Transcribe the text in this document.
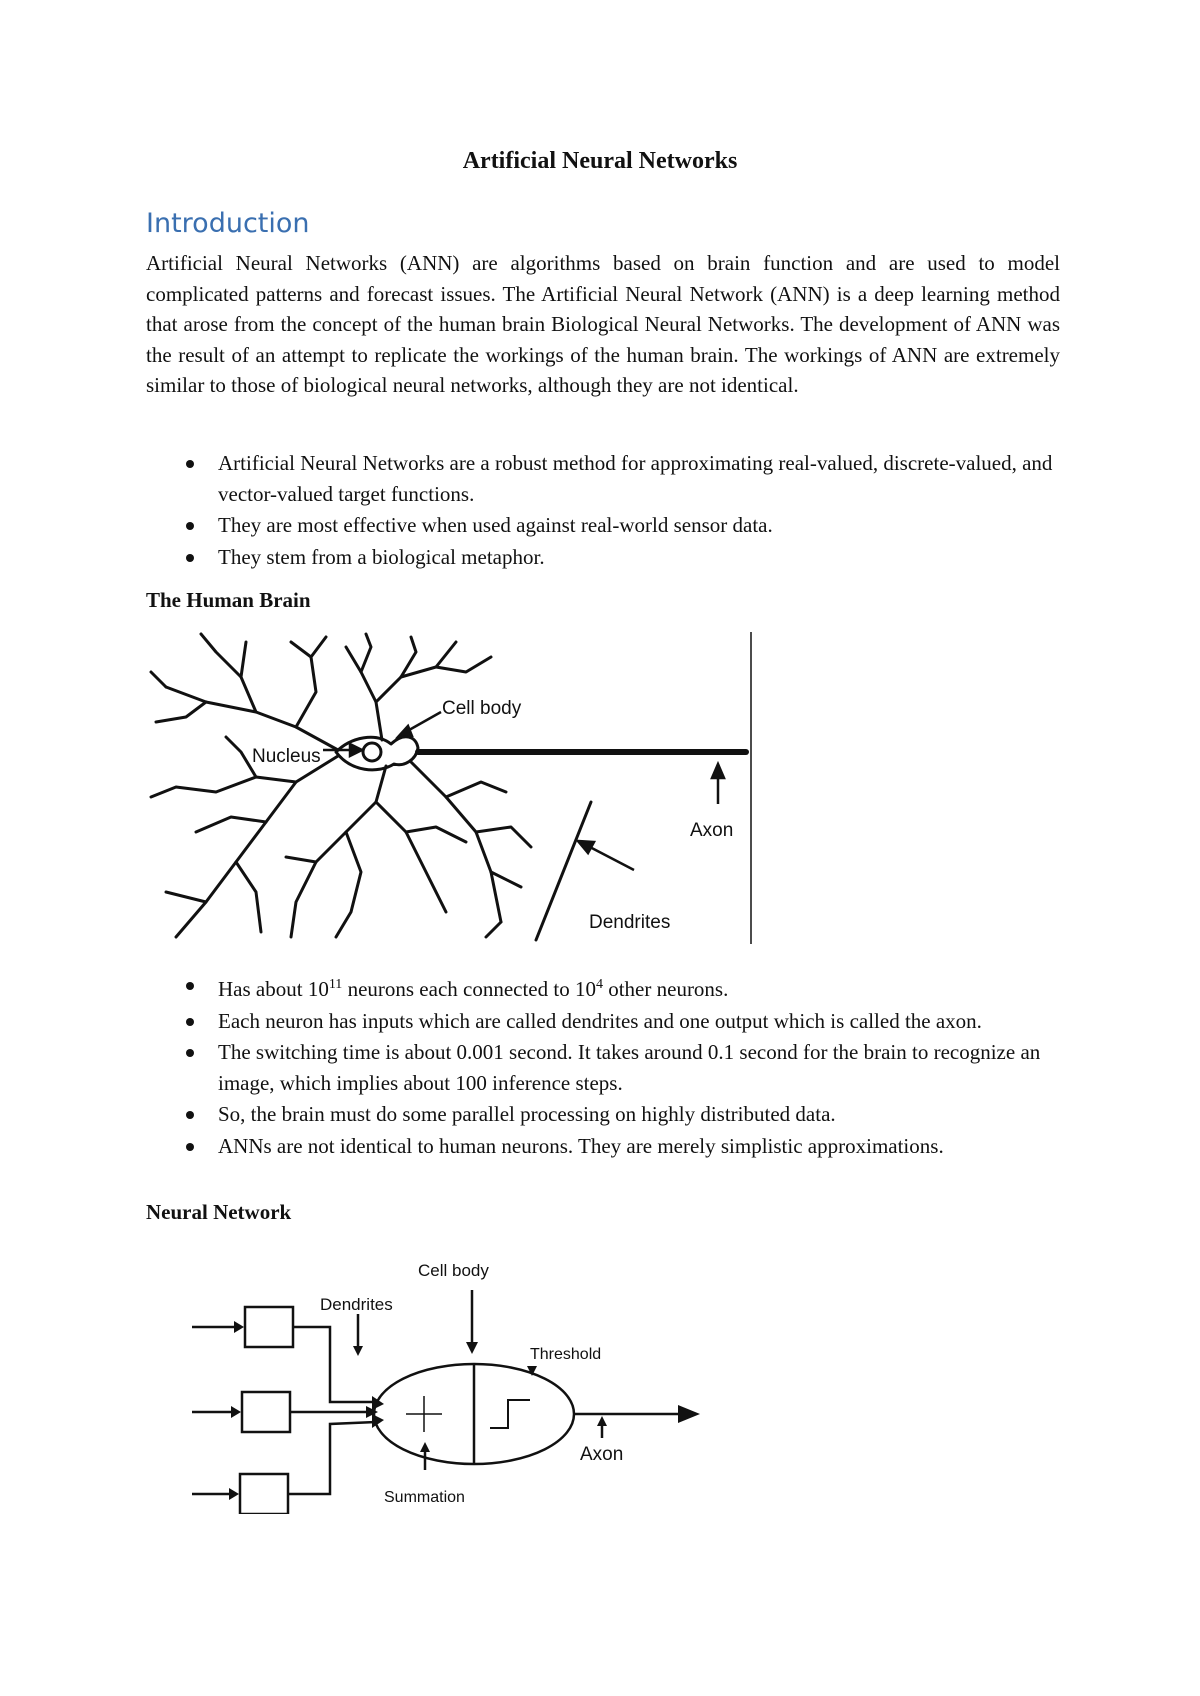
Artificial Neural Networks
Introduction

Artificial Neural Networks (ANN) are algorithms based on brain function and are used to model complicated patterns and forecast issues. The Artificial Neural Network (ANN) is a deep learning method that arose from the concept of the human brain Biological Neural Networks. The development of ANN was the result of an attempt to replicate the workings of the human brain. The workings of ANN are extremely similar to those of biological neural networks, although they are not identical.

Artificial Neural Networks are a robust method for approximating real-valued, discrete-valued, and vector-valued target functions.
They are most effective when used against real-world sensor data.
They stem from a biological metaphor.
The Human Brain
Cell body
Nucleus
Axon
Dendrites
Has about $10^{11}$ neurons each connected to $10^4$ other neurons.
Each neuron has inputs which are called dendrites and one output which is called the axon.
The switching time is about 0.001 second. It takes around 0.1 second for the brain to recognize an image, which implies about 100 inference steps.
So, the brain must do some parallel processing on highly distributed data.
ANNs are not identical to human neurons. They are merely simplistic approximations.
Neural Network
Cell body
Dendrites
Threshold
Axon
Summation
